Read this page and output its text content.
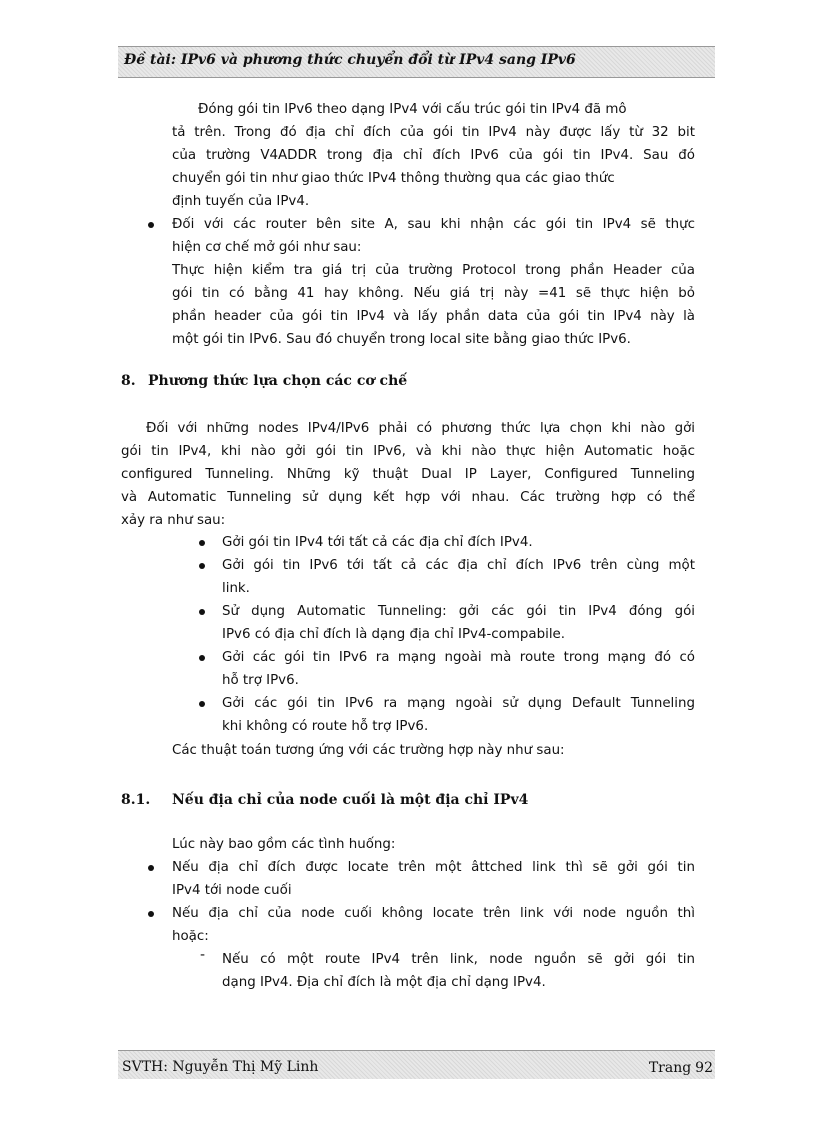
Đề tài: IPv6 và phương thức chuyển đổi từ IPv4 sang IPv6
Đóng gói tin IPv6 theo dạng IPv4 với cấu trúc gói tin IPv4 đã mô
tả trên. Trong đó địa chỉ đích của gói tin IPv4 này được lấy từ 32 bit
của trường V4ADDR trong địa chỉ đích IPv6 của gói tin IPv4. Sau đó
chuyển gói tin như giao thức IPv4 thông thường qua các giao thức
định tuyến của IPv4.
Đối với các router bên site A, sau khi nhận các gói tin IPv4 sẽ thực
hiện cơ chế mở gói như sau:
Thực hiện kiểm tra giá trị của trường Protocol trong phần Header của
gói tin có bằng 41 hay không. Nếu giá trị này =41 sẽ thực hiện bỏ
phần header của gói tin IPv4 và lấy phần data của gói tin IPv4 này là
một gói tin IPv6. Sau đó chuyển trong local site bằng giao thức IPv6.
8. Phương thức lựa chọn các cơ chế
Đối với những nodes IPv4/IPv6 phải có phương thức lựa chọn khi nào gởi
gói tin IPv4, khi nào gởi gói tin IPv6, và khi nào thực hiện Automatic hoặc
configured Tunneling. Những kỹ thuật Dual IP Layer, Configured Tunneling
và Automatic Tunneling sử dụng kết hợp với nhau. Các trường hợp có thể
xảy ra như sau:
Gởi gói tin IPv4 tới tất cả các địa chỉ đích IPv4.
Gởi gói tin IPv6 tới tất cả các địa chỉ đích IPv6 trên cùng một
link.
Sử dụng Automatic Tunneling: gởi các gói tin IPv4 đóng gói
IPv6 có địa chỉ đích là dạng địa chỉ IPv4-compabile.
Gởi các gói tin IPv6 ra mạng ngoài mà route trong mạng đó có
hỗ trợ IPv6.
Gởi các gói tin IPv6 ra mạng ngoài sử dụng Default Tunneling
khi không có route hỗ trợ IPv6.
Các thuật toán tương ứng với các trường hợp này như sau:
8.1. Nếu địa chỉ của node cuối là một địa chỉ IPv4
Lúc này bao gồm các tình huống:
Nếu địa chỉ đích được locate trên một âttched link thì sẽ gởi gói tin
IPv4 tới node cuối
Nếu địa chỉ của node cuối không locate trên link với node nguồn thì
hoặc:
- Nếu có một route IPv4 trên link, node nguồn sẽ gởi gói tin
dạng IPv4. Địa chỉ đích là một địa chỉ dạng IPv4.
SVTH: Nguyễn Thị Mỹ Linh	Trang 92
